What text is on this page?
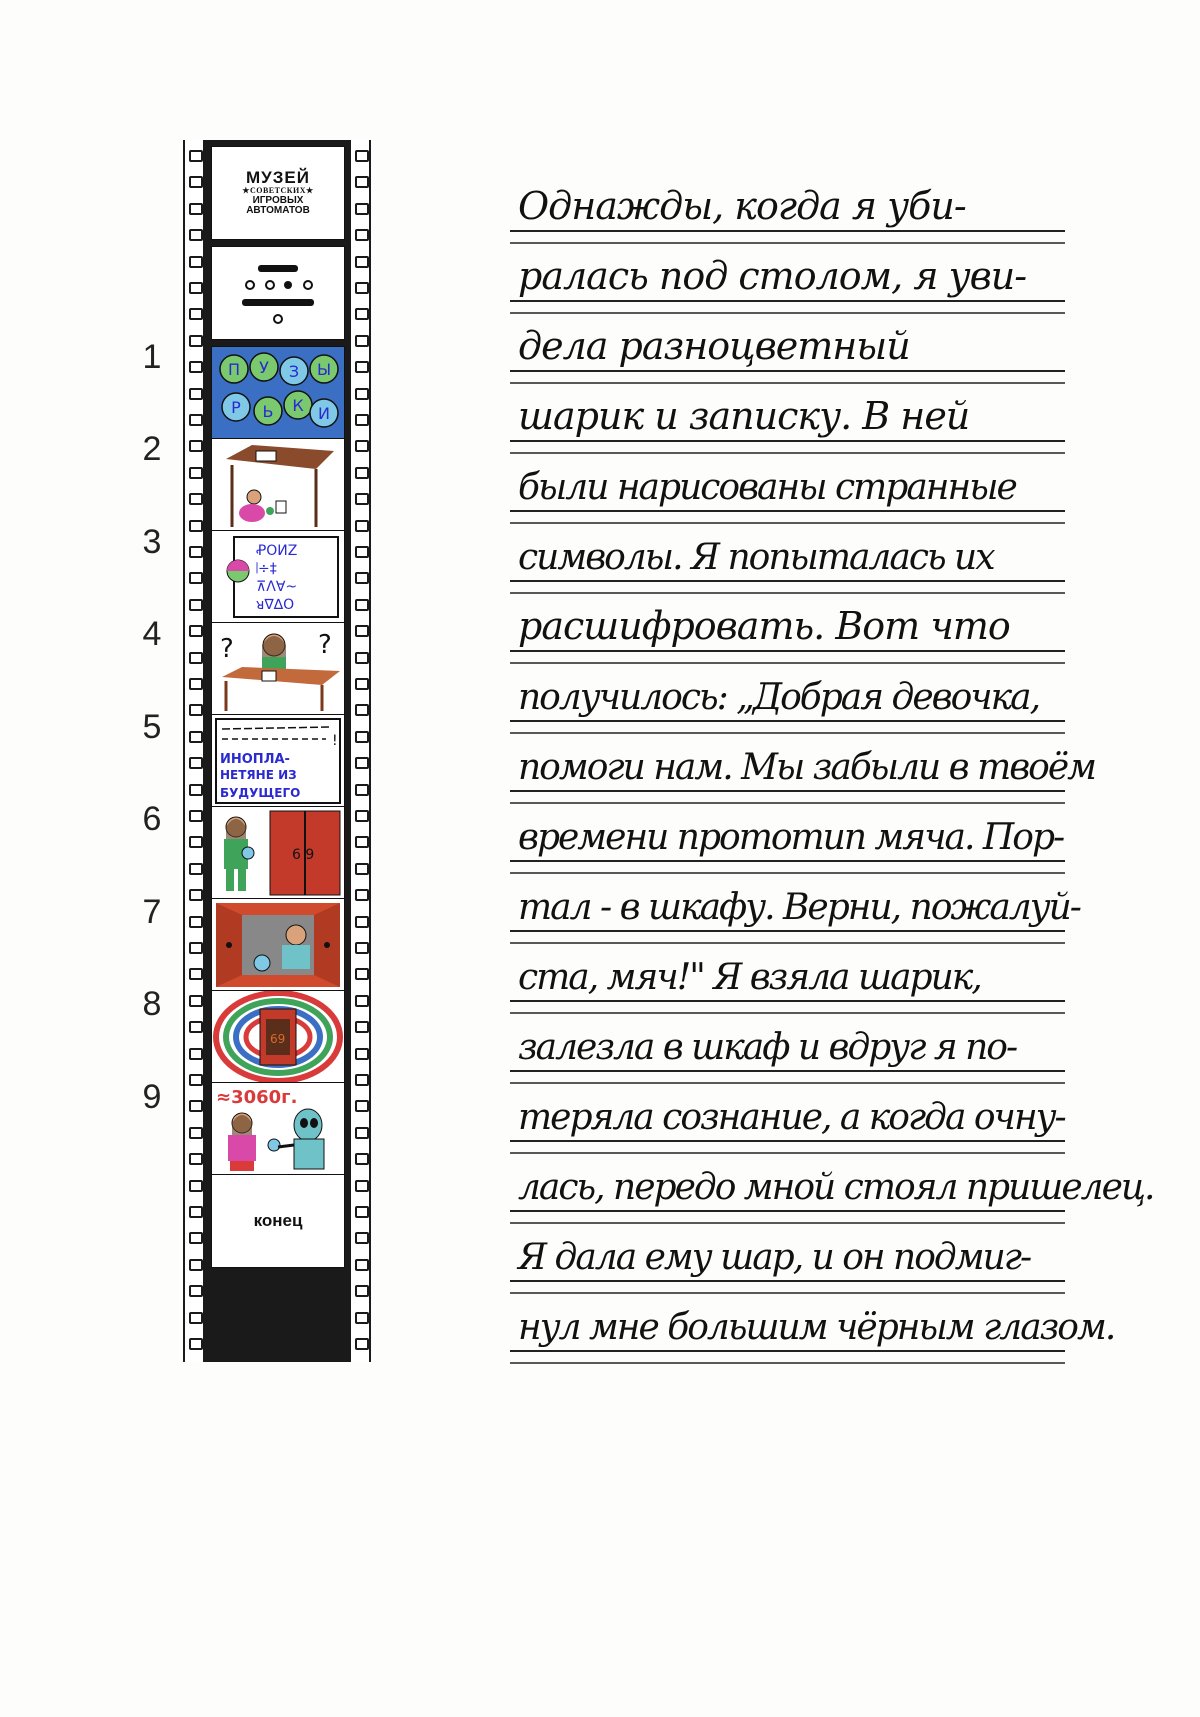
1
2
3
4
5
6
7
8
9
МУЗЕЙ
★СОВЕТСКИХ★
ИГРОВЫХ
АВТОМАТОВ
П У З Ы
Р Ь К И
ꝒOИZ
𝄁÷‡
⊼Λ∀~
ᴚ∇∆O
?	?
!
ИНОПЛА-
НЕТЯНЕ ИЗ
БУДУЩЕГО
6 9
69
≈3060г.
конец
Однажды, когда я уби-
ралась под столом, я уви-
дела разноцветный
шарик и записку. В ней
были нарисованы странные
символы. Я попыталась их
расшифровать. Вот что
получилось: „Добрая девочка,
помоги нам. Мы забыли в твоём
времени прототип мяча. Пор-
тал - в шкафу. Верни, пожалуй-
ста, мяч!" Я взяла шарик,
залезла в шкаф и вдруг я по-
теряла сознание, а когда очну-
лась, передо мной стоял пришелец.
Я дала ему шар, и он подмиг-
нул мне большим чёрным глазом.
